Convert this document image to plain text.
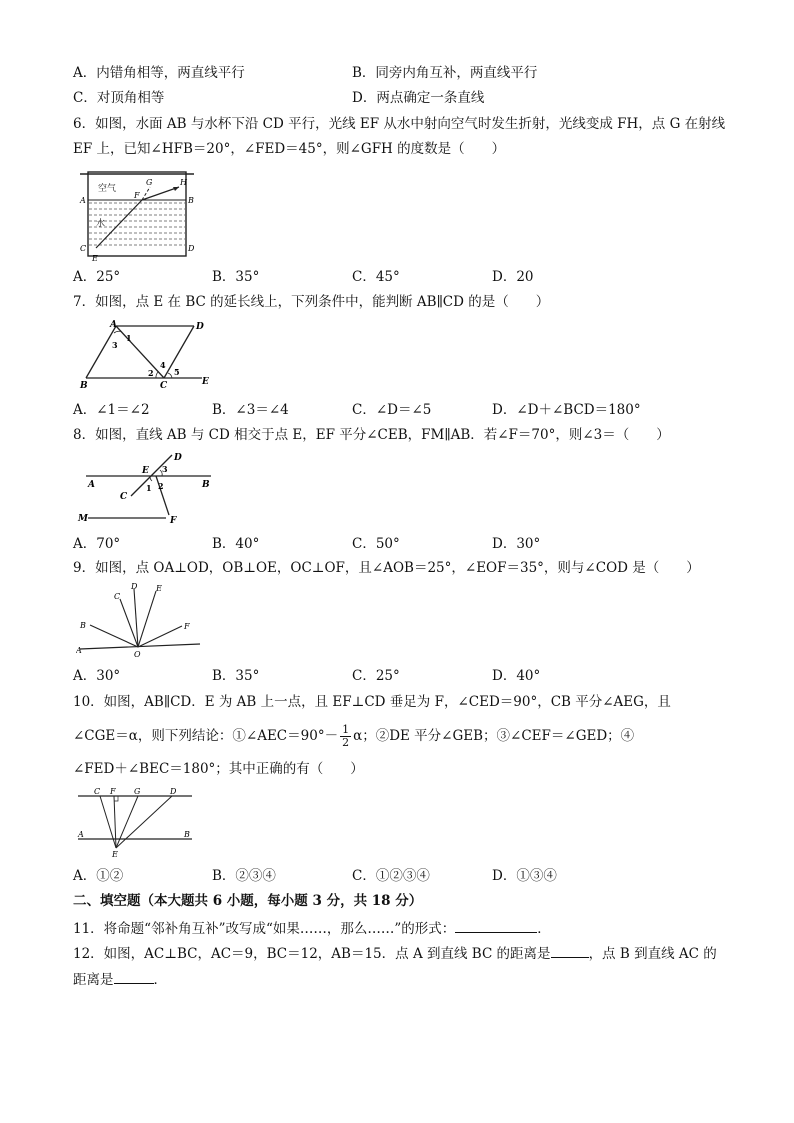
A．内错角相等，两直线平行	B．同旁内角互补，两直线平行
C．对顶角相等	D．两点确定一条直线
6．如图，水面 AB 与水杯下沿 CD 平行，光线 EF 从水中射向空气时发生折射，光线变成 FH，点 G 在射线
EF 上，已知∠HFB＝20°，∠FED＝45°，则∠GFH 的度数是（　　）
空气
水
A	B
C	D
E
F
G	H
A．25°	B．35°	C．45°	D．20
7．如图，点 E 在 BC 的延长线上，下列条件中，能判断 AB∥CD 的是（　　）
A	D
B	C	E
1
3
2
4
5
A．∠1＝∠2	B．∠3＝∠4	C．∠D＝∠5	D．∠D＋∠BCD＝180°
8．如图，直线 AB 与 CD 相交于点 E，EF 平分∠CEB，FM∥AB．若∠F＝70°，则∠3＝（　　）
D
E 3
A	B
C
1 2
M	F
A．70°	B．40°	C．50°	D．30°
9．如图，点 OA⊥OD，OB⊥OE，OC⊥OF，且∠AOB＝25°，∠EOF＝35°，则与∠COD 是（　　）
A
B
C
D E
F
O
A．30°	B．35°	C．25°	D．40°
10．如图，AB∥CD．E 为 AB 上一点，且 EF⊥CD 垂足为 F，∠CED＝90°，CB 平分∠AEG，且
∠CGE＝α，则下列结论：①∠AEC＝90°－ $\frac{1}{2}$ α；②DE 平分∠GEB；③∠CEF＝∠GED；④
∠FED＋∠BEC＝180°；其中正确的有（　　）
C F G	D
A	B
E
A．①②	B．②③④	C．①②③④	D．①③④
二、填空题（本大题共 6 小题，每小题 3 分，共 18 分）
11．将命题“邻补角互补”改写成“如果……，那么……”的形式：	．
12．如图，AC⊥BC，AC＝9，BC＝12，AB＝15．点 A 到直线 BC 的距离是	，点 B 到直线 AC 的
距离是	．
